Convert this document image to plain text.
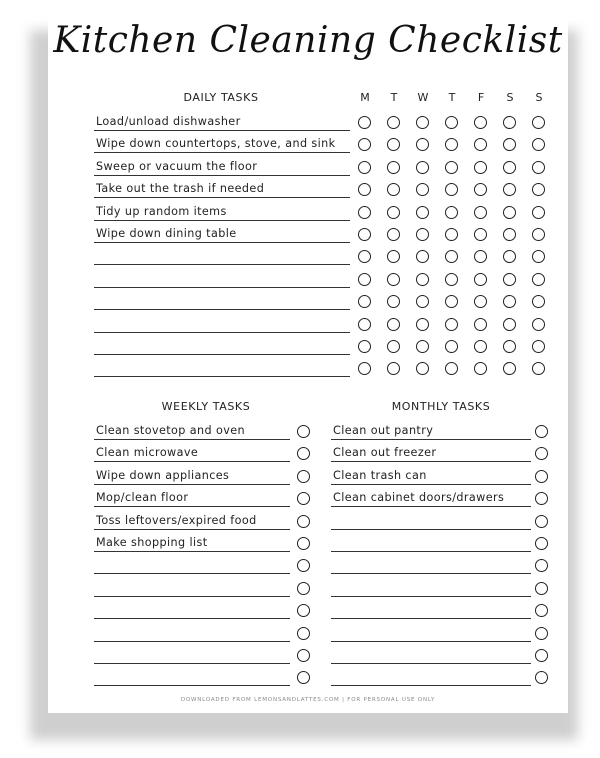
Kitchen Cleaning Checklist
DAILY TASKS	M	T	W	T	F	S	S
Load/unload dishwasher
Wipe down countertops, stove, and sink
Sweep or vacuum the floor
Take out the trash if needed
Tidy up random items
Wipe down dining table
WEEKLY TASKS
Clean stovetop and oven
Clean microwave
Wipe down appliances
Mop/clean floor
Toss leftovers/expired food
Make shopping list
MONTHLY TASKS
Clean out pantry
Clean out freezer
Clean trash can
Clean cabinet doors/drawers
DOWNLOADED FROM LEMONSANDLATTES.COM | FOR PERSONAL USE ONLY
